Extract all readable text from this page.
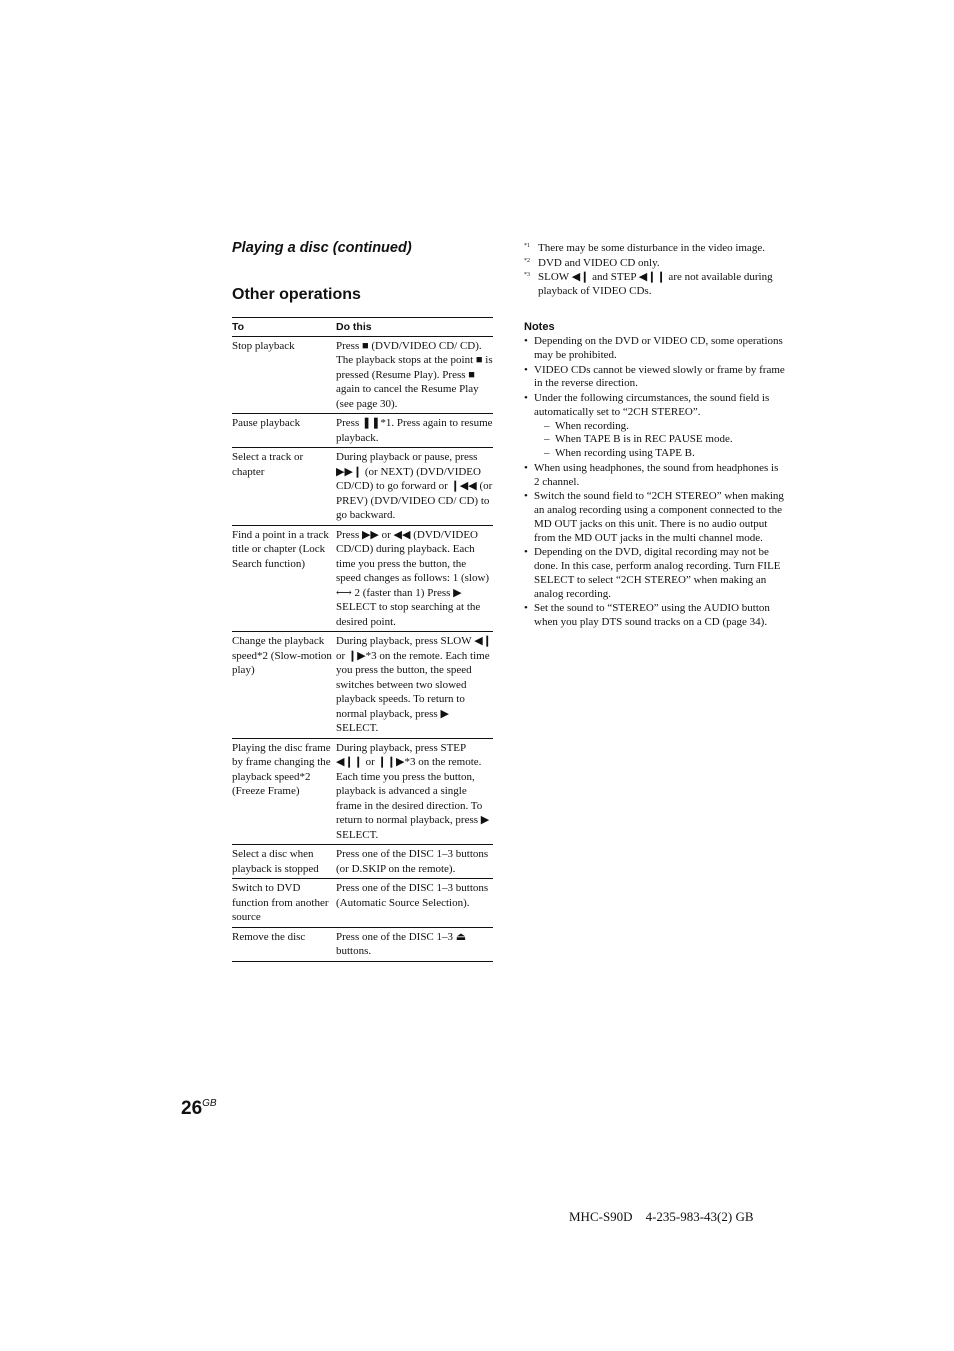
Playing a disc (continued)
Other operations
To	Do this
Stop playback	Press ■ (DVD/VIDEO CD/ CD). The playback stops at the point ■ is pressed (Resume Play). Press ■ again to cancel the Resume Play (see page 30).
Pause playback	Press ❚❚*1. Press again to resume playback.
Select a track or chapter	During playback or pause, press ▶▶❙ (or NEXT) (DVD/VIDEO CD/CD) to go forward or ❙◀◀ (or PREV) (DVD/VIDEO CD/ CD) to go backward.
Find a point in a track title or chapter (Lock Search function)	Press ▶▶ or ◀◀ (DVD/VIDEO CD/CD) during playback. Each time you press the button, the speed changes as follows: 1 (slow) ⟷ 2 (faster than 1) Press ▶ SELECT to stop searching at the desired point.
Change the playback speed*2 (Slow-motion play)	During playback, press SLOW ◀❙ or ❙▶*3 on the remote. Each time you press the button, the speed switches between two slowed playback speeds. To return to normal playback, press ▶ SELECT.
Playing the disc frame by frame changing the playback speed*2 (Freeze Frame)	During playback, press STEP ◀❙❙ or ❙❙▶*3 on the remote. Each time you press the button, playback is advanced a single frame in the desired direction. To return to normal playback, press ▶ SELECT.
Select a disc when playback is stopped	Press one of the DISC 1–3 buttons (or D.SKIP on the remote).
Switch to DVD function from another source	Press one of the DISC 1–3 buttons (Automatic Source Selection).
Remove the disc	Press one of the DISC 1–3 ⏏ buttons.
*1 There may be some disturbance in the video image.
*2 DVD and VIDEO CD only.
*3 SLOW ◀❙ and STEP ◀❙❙ are not available during playback of VIDEO CDs.
Notes
• Depending on the DVD or VIDEO CD, some operations may be prohibited.
• VIDEO CDs cannot be viewed slowly or frame by frame in the reverse direction.
• Under the following circumstances, the sound field is automatically set to “2CH STEREO”.
– When recording.
– When TAPE B is in REC PAUSE mode.
– When recording using TAPE B.
• When using headphones, the sound from headphones is 2 channel.
• Switch the sound field to “2CH STEREO” when making an analog recording using a component connected to the MD OUT jacks on this unit. There is no audio output from the MD OUT jacks in the multi channel mode.
• Depending on the DVD, digital recording may not be done. In this case, perform analog recording. Turn FILE SELECT to select “2CH STEREO” when making an analog recording.
• Set the sound to “STEREO” using the AUDIO button when you play DTS sound tracks on a CD (page 34).
$26^{GB}$
MHC-S90D    4-235-983-43(2) GB
